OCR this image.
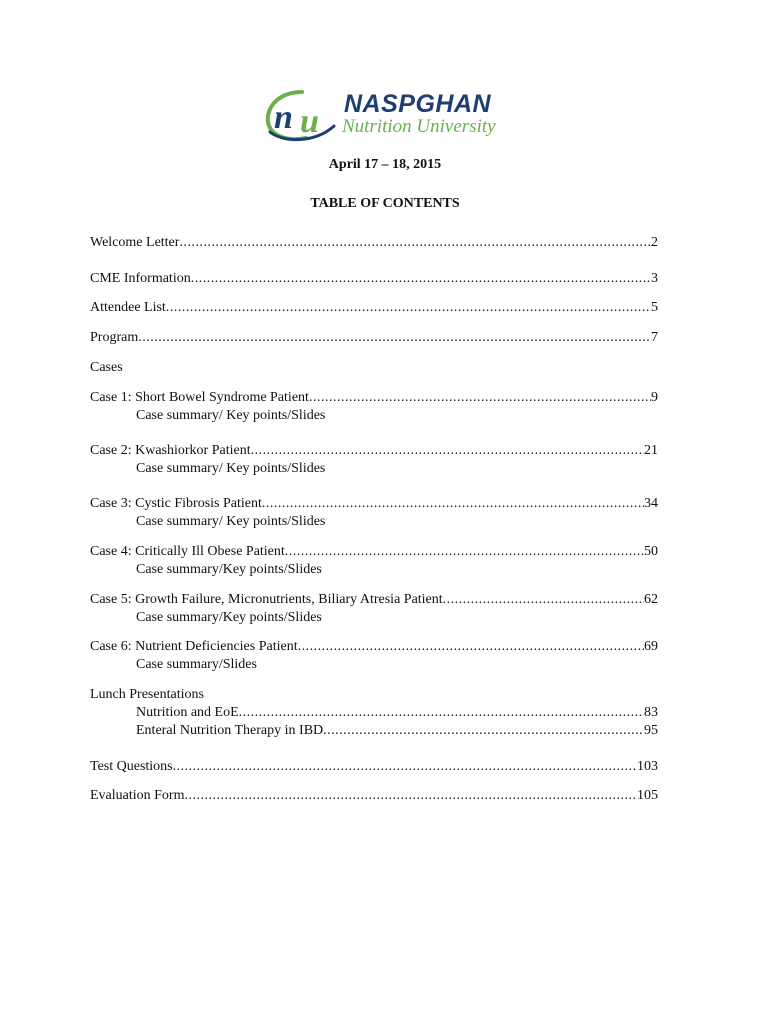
n u NASPGHAN
Nutrition University
April 17 – 18, 2015
TABLE OF CONTENTS
Welcome Letter .....	2
CME Information .....	3
Attendee List .....	5
Program .....	7
Cases
Case 1: Short Bowel Syndrome Patient .....	9
Case summary/ Key points/Slides
Case 2: Kwashiorkor Patient .....	21
Case summary/ Key points/Slides
Case 3: Cystic Fibrosis Patient .....	34
Case summary/ Key points/Slides
Case 4: Critically Ill Obese Patient .....	50
Case summary/Key points/Slides
Case 5: Growth Failure, Micronutrients, Biliary Atresia Patient .....	62
Case summary/Key points/Slides
Case 6: Nutrient Deficiencies Patient .....	69
Case summary/Slides
Lunch Presentations
Nutrition and EoE .....	83
Enteral Nutrition Therapy in IBD .....	95
Test Questions .....	103
Evaluation Form .....	105
